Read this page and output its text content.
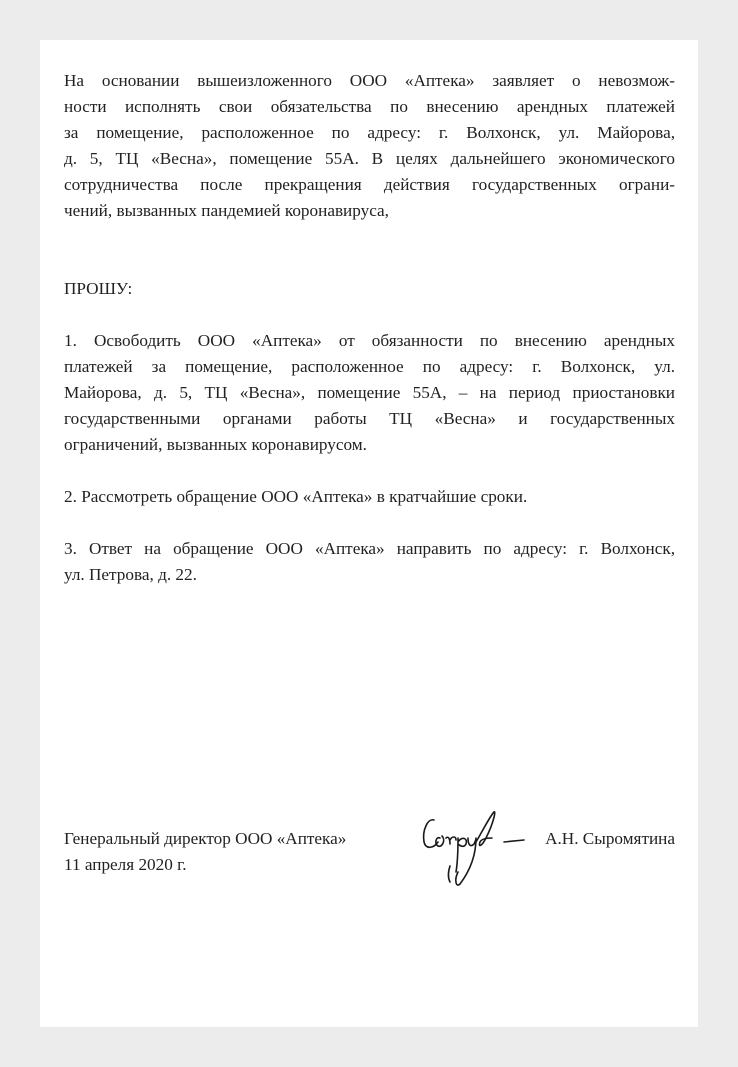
На основании вышеизложенного ООО «Аптека» заявляет о невозмож-
ности исполнять свои обязательства по внесению арендных платежей
за помещение, расположенное по адресу: г. Волхонск, ул. Майорова,
д. 5, ТЦ «Весна», помещение 55А. В целях дальнейшего экономического
сотрудничества после прекращения действия государственных ограни-
чений, вызванных пандемией коронавируса,

ПРОШУ:

1. Освободить ООО «Аптека» от обязанности по внесению арендных
платежей за помещение, расположенное по адресу: г. Волхонск, ул.
Майорова, д. 5, ТЦ «Весна», помещение 55А, – на период приостановки
государственными органами работы ТЦ «Весна» и государственных
ограничений, вызванных коронавирусом.

2. Рассмотреть обращение ООО «Аптека» в кратчайшие сроки.

3. Ответ на обращение ООО «Аптека» направить по адресу: г. Волхонск,
ул. Петрова, д. 22.

Генеральный директор ООО «Аптека»
11 апреля 2020 г.
А.Н. Сыромятина
